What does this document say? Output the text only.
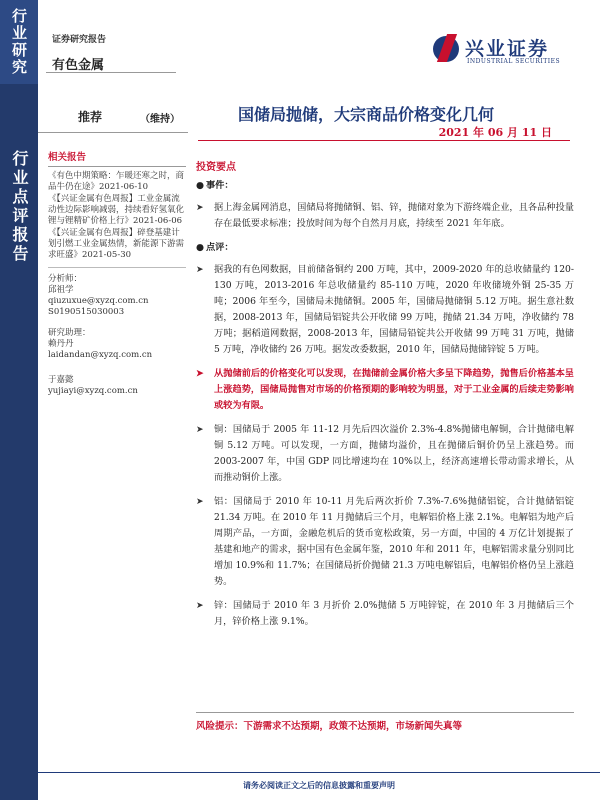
行业研究
行业点评报告
证券研究报告
有色金属
兴业证券
INDUSTRIAL SECURITIES
推荐	（维持）	国储局抛储，大宗商品价格变化几何
2021 年 06 月 11 日
相关报告
《有色中期策略：乍暖还寒之时，商品牛仍在途》2021-06-10
《【兴证金属有色周报】工业金属流动性边际影响减弱，持续看好氢氧化锂与锂精矿价格上行》2021-06-06
《【兴证金属有色周报】碎登基建计划引燃工业金属热情，新能源下游需求旺盛》2021-05-30
分析师：
邱祖学
qiuzuxue@xyzq.com.cn
S0190515030003
研究助理：
赖丹丹
laidandan@xyzq.com.cn
于嘉懿
yujiayi@xyzq.com.cn
投资要点
● 事件：
➤ 据上海金属网消息，国储局将抛储铜、铝、锌，抛储对象为下游终端企业，且各品种投量存在最低要求标准；投放时间为每个自然月月底，持续至 2021 年年底。
● 点评：
➤ 据我的有色网数据，目前储备铜约 200 万吨，其中，2009-2020 年的总收储量约 120-130 万吨，2013-2016 年总收储量约 85-110 万吨，2020 年收储境外铜 25-35 万吨；2006 年至今，国储局未抛储铜。2005 年，国储局抛储铜 5.12 万吨。据生意社数据，2008-2013 年，国储局铝锭共公开收储 99 万吨，抛储 21.34 万吨，净收储约 78 万吨；据稻道网数据，2008-2013 年，国储局铅锭共公开收储 99 万吨 31 万吨，抛储 5 万吨，净收储约 26 万吨。据发改委数据，2010 年，国储局抛储锌锭 5 万吨。
➤ 从抛储前后的价格变化可以发现，在抛储前金属价格大多呈下降趋势，抛售后价格基本呈上涨趋势，国储局抛售对市场的价格预期的影响较为明显，对于工业金属的后续走势影响或较为有限。
➤ 铜：国储局于 2005 年 11-12 月先后四次溢价 2.3%-4.8%抛储电解铜，合计抛储电解铜 5.12 万吨。可以发现，一方面，抛储均溢价，且在抛储后铜价仍呈上涨趋势。而 2003-2007 年，中国 GDP 同比增速均在 10%以上，经济高速增长带动需求增长，从而推动铜价上涨。
➤ 铝：国储局于 2010 年 10-11 月先后两次折价 7.3%-7.6%抛储铝锭，合计抛储铝锭 21.34 万吨。在 2010 年 11 月抛储后三个月，电解铝价格上涨 2.1%。电解铝为地产后周期产品，一方面，金融危机后的货币宽松政策，另一方面，中国的 4 万亿计划提振了基建和地产的需求，据中国有色金属年鉴，2010 年和 2011 年，电解铝需求量分别同比增加 10.9%和 11.7%；在国储局折价抛储 21.3 万吨电解铝后，电解铝价格仍呈上涨趋势。
➤ 锌：国储局于 2010 年 3 月折价 2.0%抛储 5 万吨锌锭，在 2010 年 3 月抛储后三个月，锌价格上涨 9.1%。
风险提示：下游需求不达预期，政策不达预期，市场新闻失真等
请务必阅读正文之后的信息披露和重要声明
